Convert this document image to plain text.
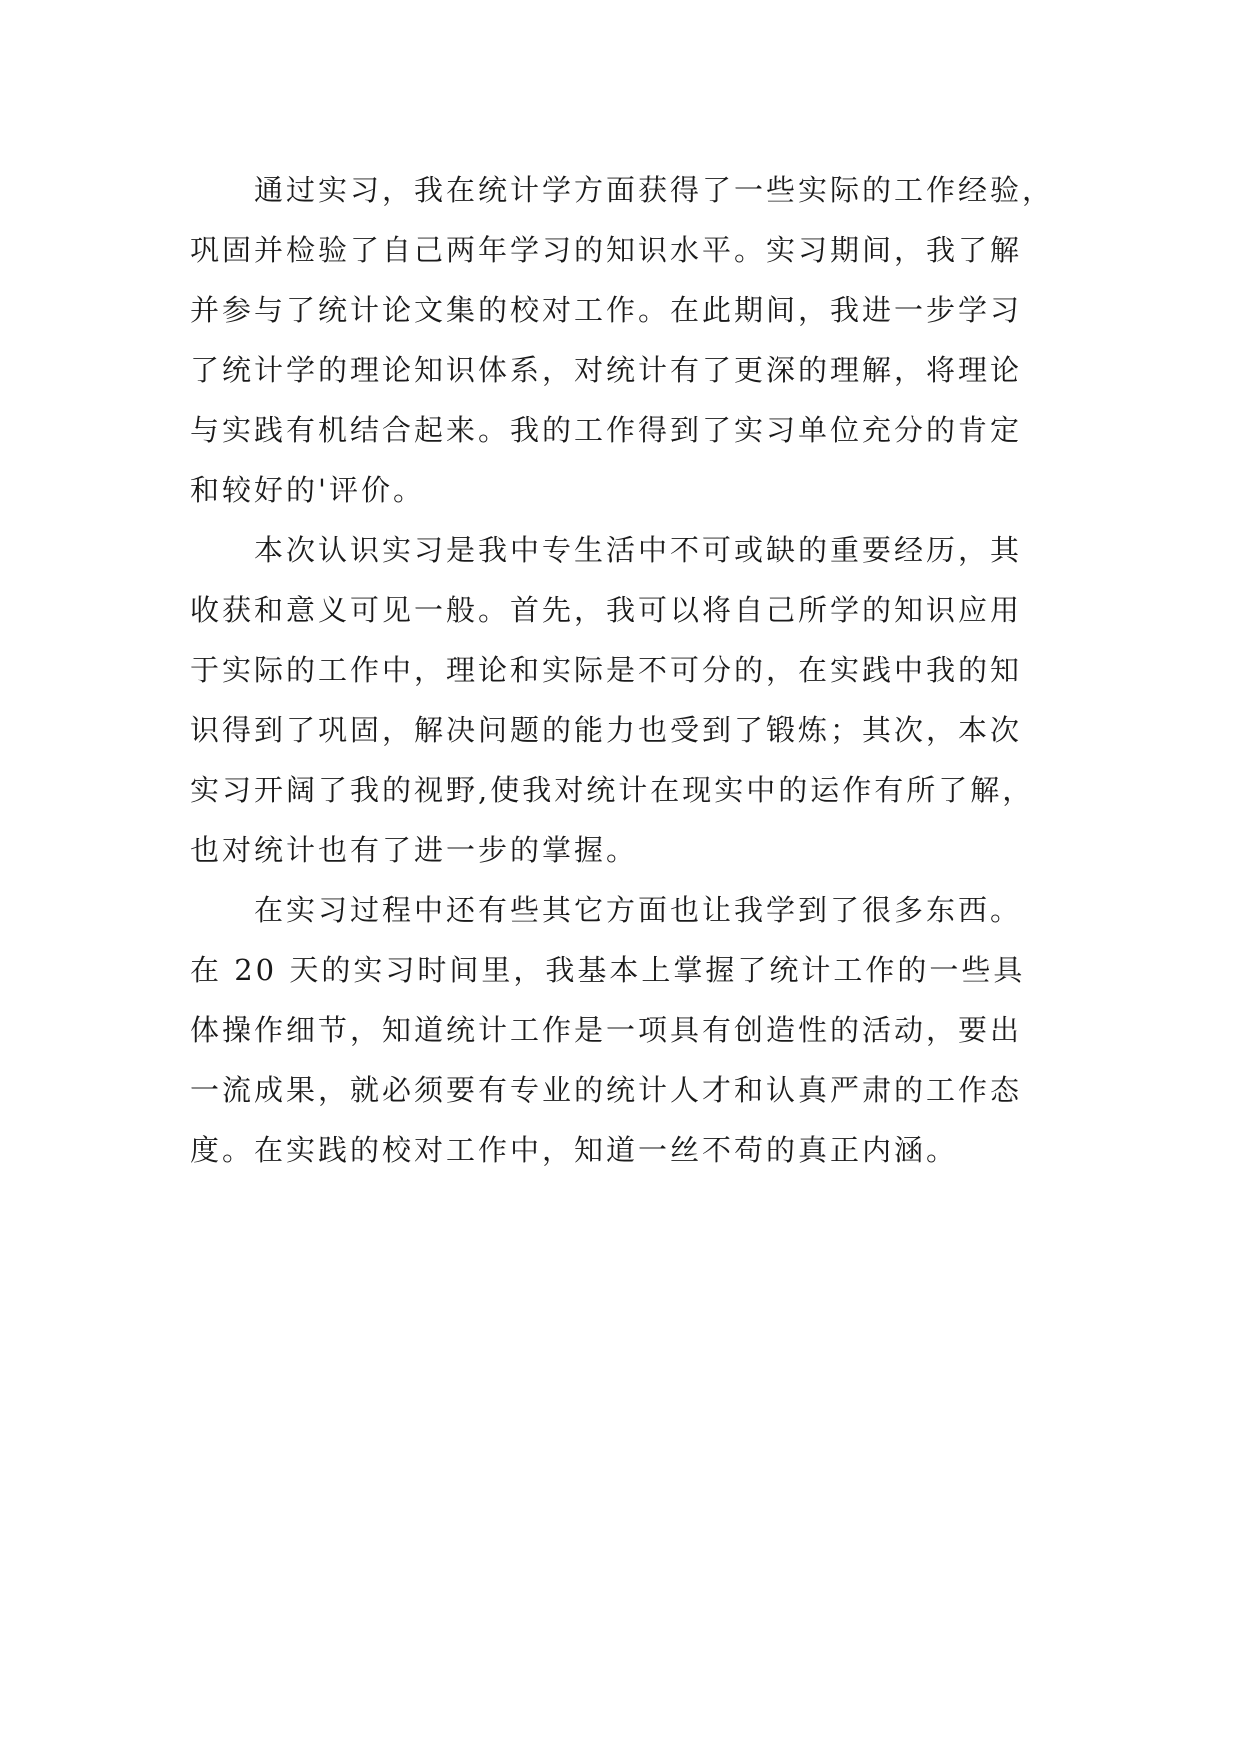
通过实习，我在统计学方面获得了一些实际的工作经验，
巩固并检验了自己两年学习的知识水平。实习期间，我了解
并参与了统计论文集的校对工作。在此期间，我进一步学习
了统计学的理论知识体系，对统计有了更深的理解，将理论
与实践有机结合起来。我的工作得到了实习单位充分的肯定
和较好的'评价。
本次认识实习是我中专生活中不可或缺的重要经历，其
收获和意义可见一般。首先，我可以将自己所学的知识应用
于实际的工作中，理论和实际是不可分的，在实践中我的知
识得到了巩固，解决问题的能力也受到了锻炼；其次，本次
实习开阔了我的视野,使我对统计在现实中的运作有所了解，
也对统计也有了进一步的掌握。
在实习过程中还有些其它方面也让我学到了很多东西。
在 20 天的实习时间里，我基本上掌握了统计工作的一些具
体操作细节，知道统计工作是一项具有创造性的活动，要出
一流成果，就必须要有专业的统计人才和认真严肃的工作态
度。在实践的校对工作中，知道一丝不苟的真正内涵。
